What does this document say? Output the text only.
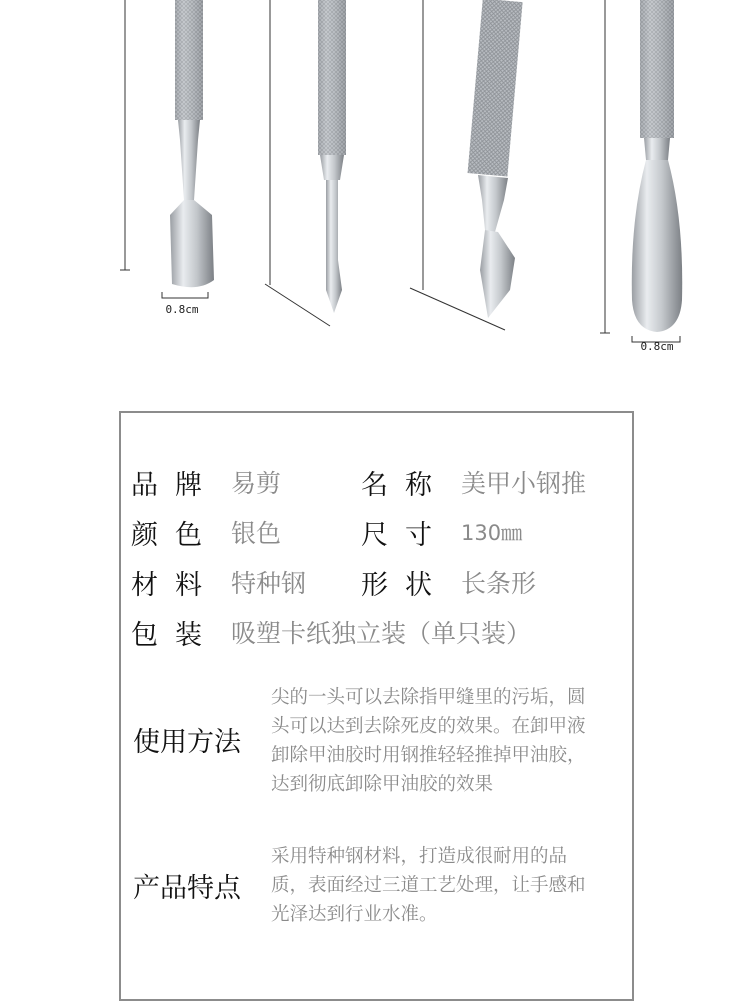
0.8cm
0.8cm
品牌 易剪	名称 美甲小钢推
颜色 银色	尺寸 130㎜
材料 特种钢	形状 长条形
包装 吸塑卡纸独立装（单只装）
使用方法
尖的一头可以去除指甲缝里的污垢，圆头可以达到去除死皮的效果。在卸甲液卸除甲油胶时用钢推轻轻推掉甲油胶，达到彻底卸除甲油胶的效果
产品特点
采用特种钢材料，打造成很耐用的品质，表面经过三道工艺处理，让手感和光泽达到行业水准。
